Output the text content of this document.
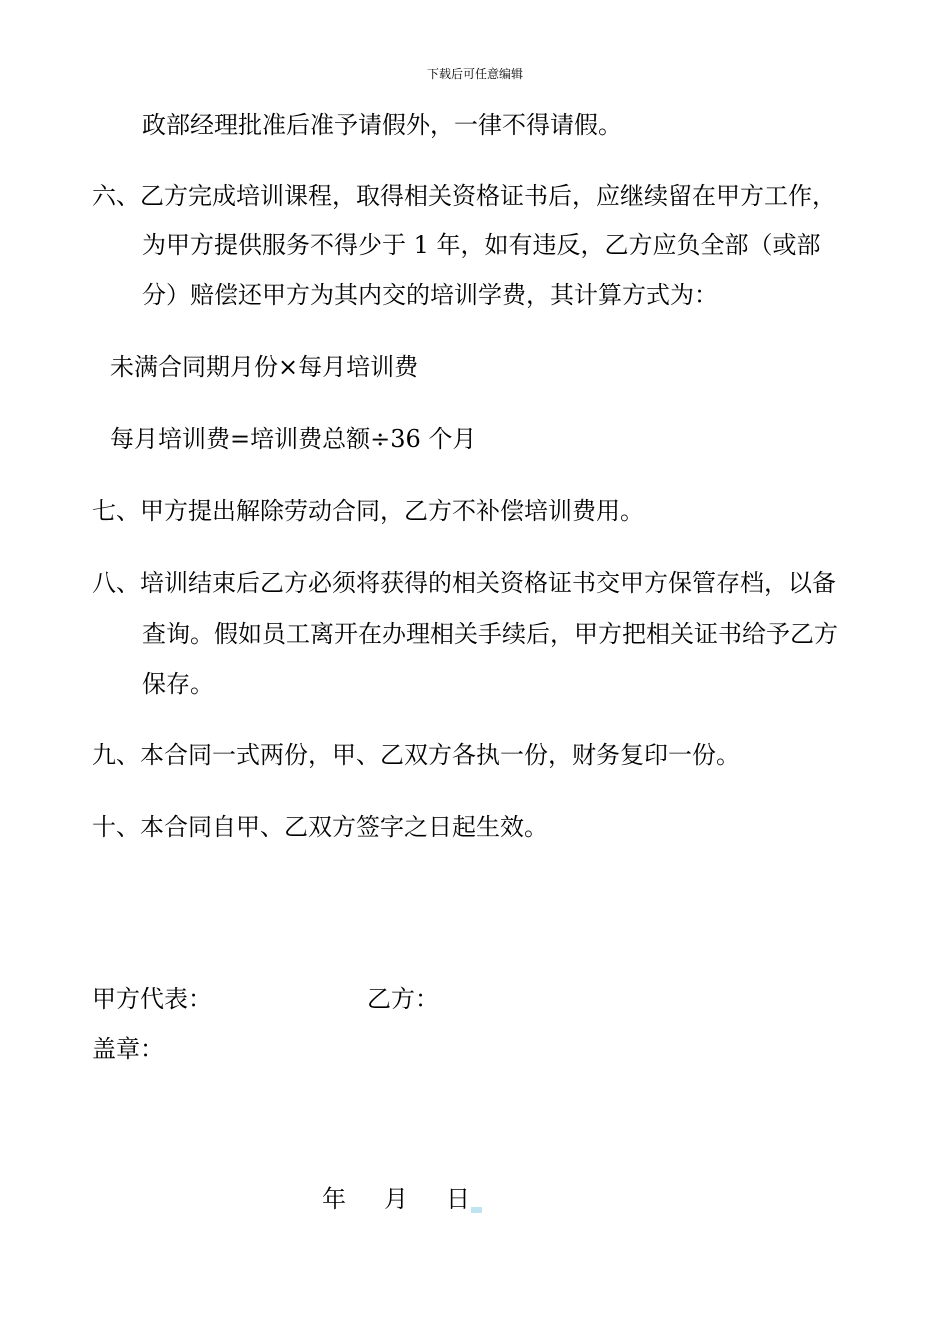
下载后可任意编辑

政部经理批准后准予请假外，一律不得请假。

六、乙方完成培训课程，取得相关资格证书后，应继续留在甲方工作，

为甲方提供服务不得少于 1 年，如有违反，乙方应负全部（或部

分）赔偿还甲方为其内交的培训学费，其计算方式为：

未满合同期月份×每月培训费

每月培训费=培训费总额÷36 个月

七、甲方提出解除劳动合同，乙方不补偿培训费用。

八、培训结束后乙方必须将获得的相关资格证书交甲方保管存档，以备

查询。假如员工离开在办理相关手续后，甲方把相关证书给予乙方

保存。

九、本合同一式两份，甲、乙双方各执一份，财务复印一份。

十、本合同自甲、乙双方签字之日起生效。

甲方代表：	乙方：

盖章：

年 月 日
